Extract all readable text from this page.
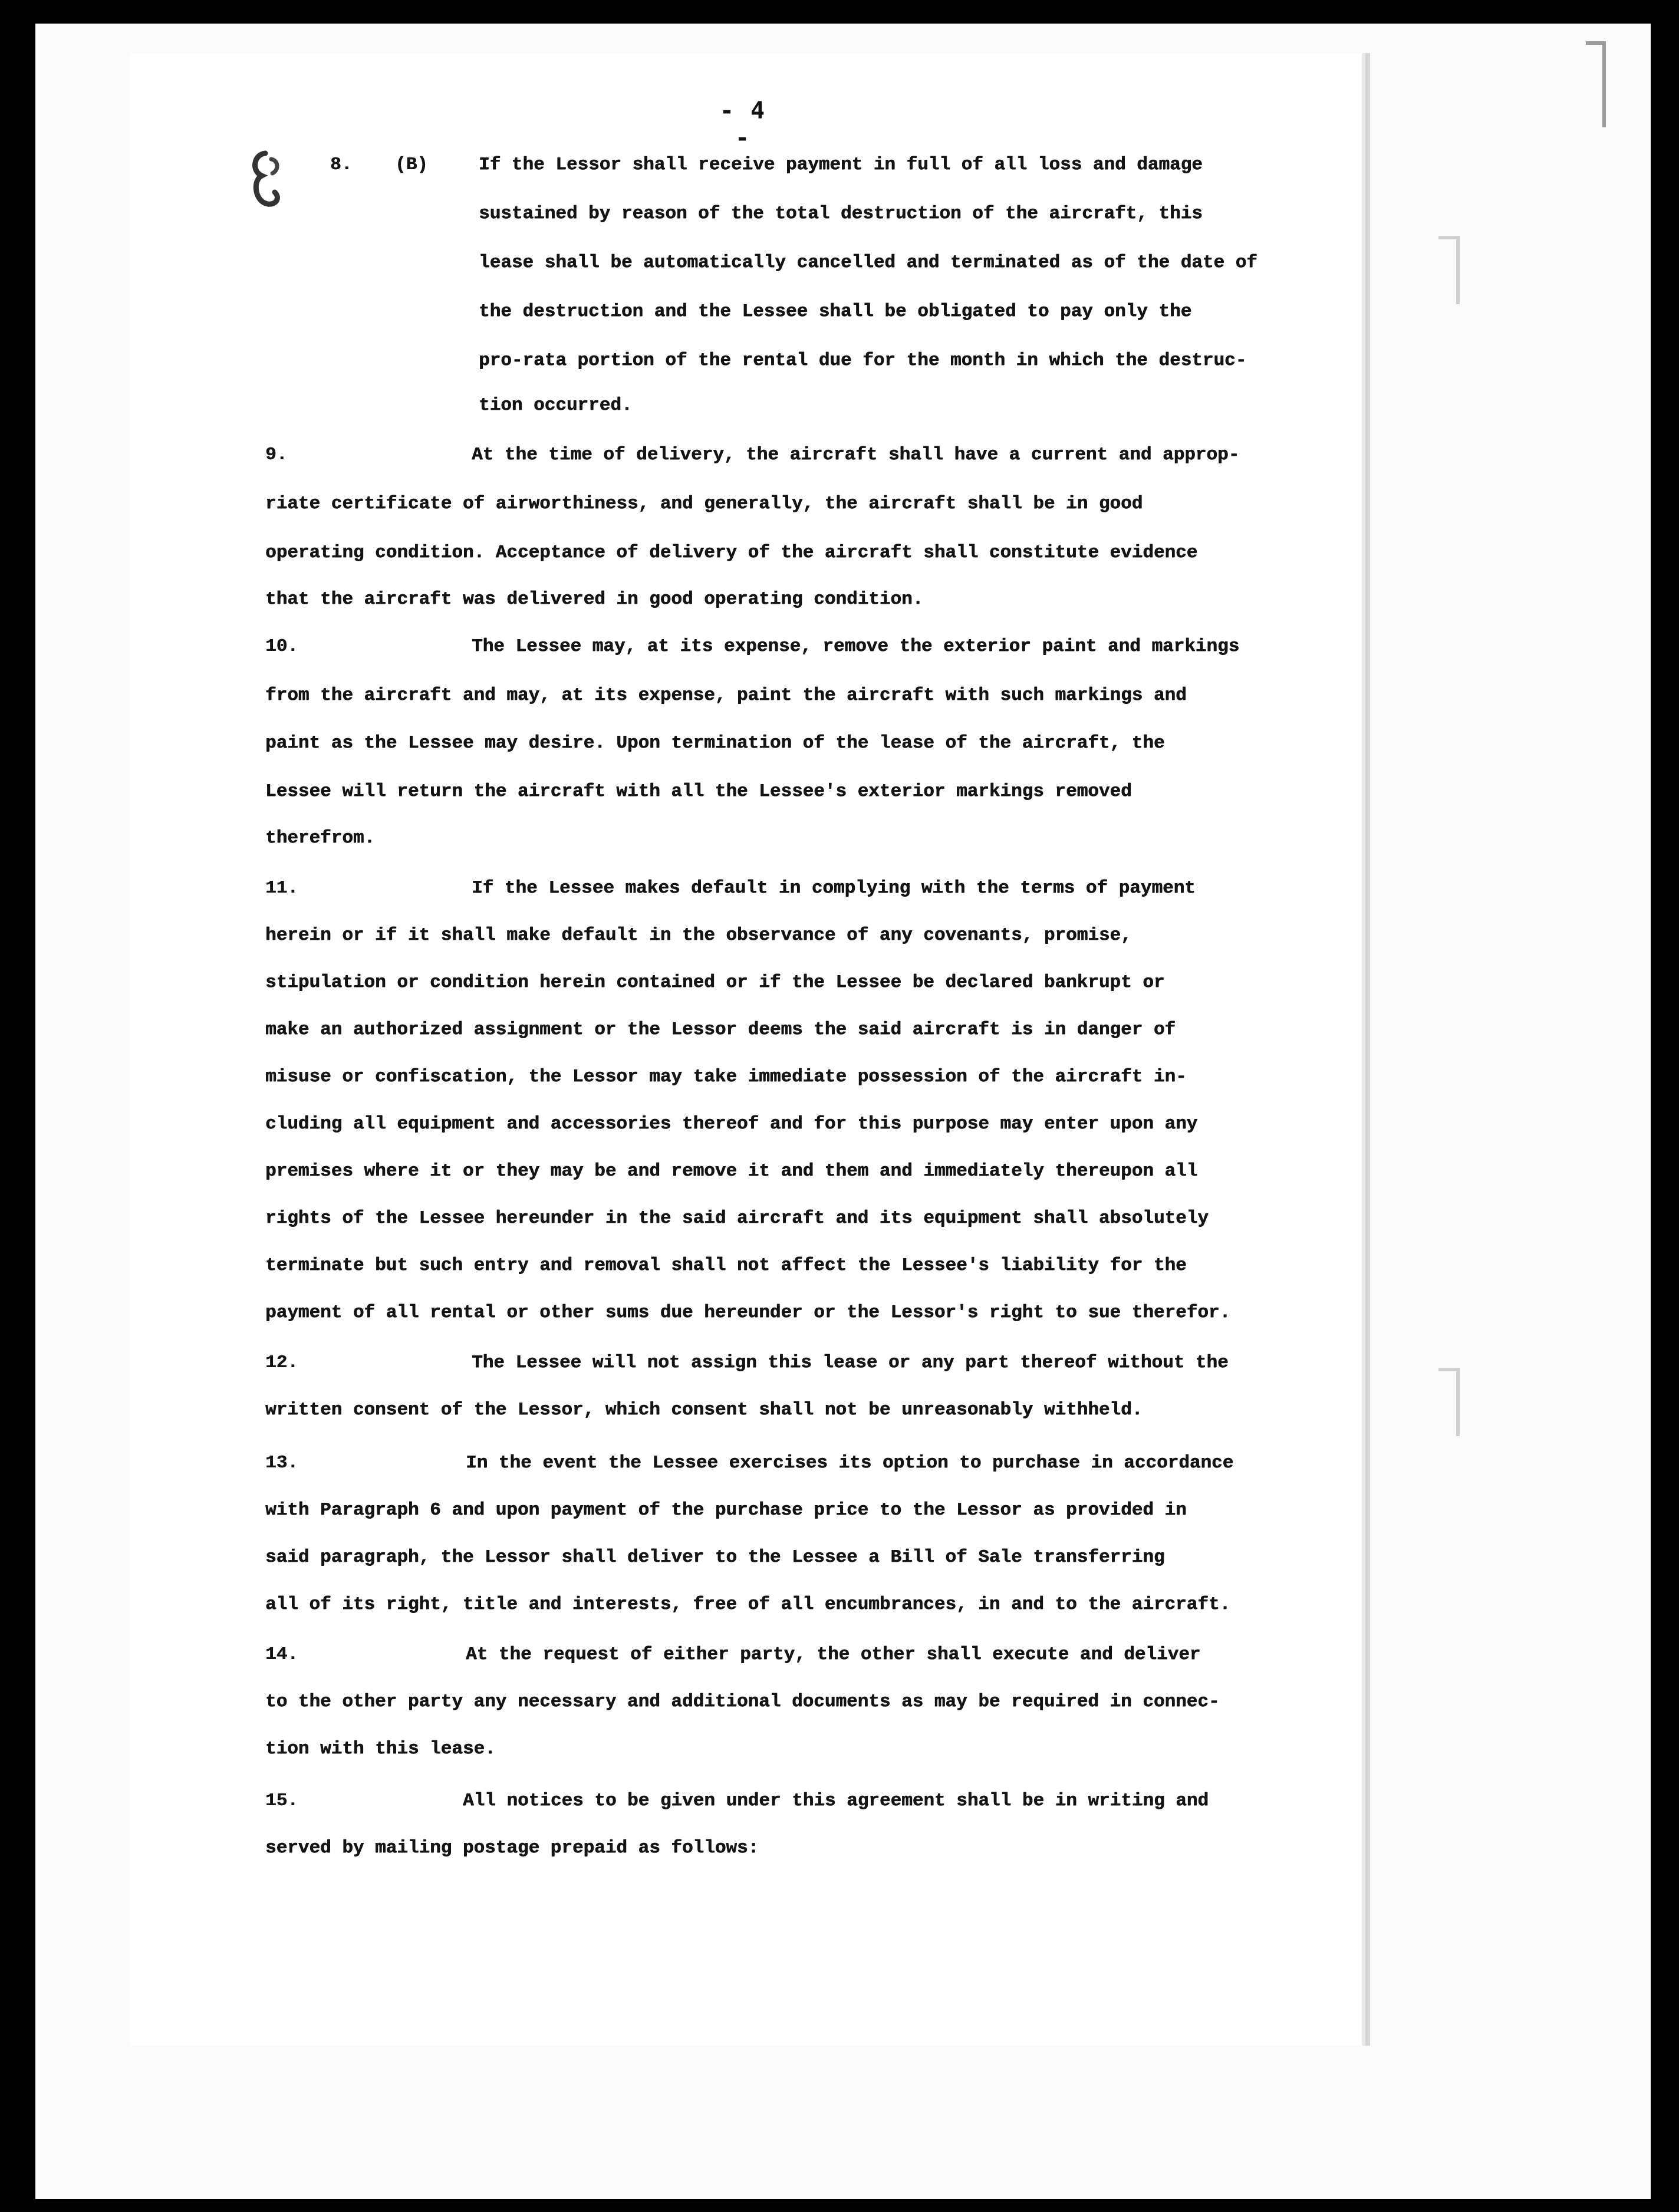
- 4 -
8. (B)	If the Lessor shall receive payment in full of all loss and damage
sustained by reason of the total destruction of the aircraft, this
lease shall be automatically cancelled and terminated as of the date of
the destruction and the Lessee shall be obligated to pay only the
pro-rata portion of the rental due for the month in which the destruc-
tion occurred.
9.	At the time of delivery, the aircraft shall have a current and approp-
riate certificate of airworthiness, and generally, the aircraft shall be in good
operating condition. Acceptance of delivery of the aircraft shall constitute evidence
that the aircraft was delivered in good operating condition.
10.	The Lessee may, at its expense, remove the exterior paint and markings
from the aircraft and may, at its expense, paint the aircraft with such markings and
paint as the Lessee may desire. Upon termination of the lease of the aircraft, the
Lessee will return the aircraft with all the Lessee's exterior markings removed
therefrom.
11.	If the Lessee makes default in complying with the terms of payment
herein or if it shall make default in the observance of any covenants, promise,
stipulation or condition herein contained or if the Lessee be declared bankrupt or
make an authorized assignment or the Lessor deems the said aircraft is in danger of
misuse or confiscation, the Lessor may take immediate possession of the aircraft in-
cluding all equipment and accessories thereof and for this purpose may enter upon any
premises where it or they may be and remove it and them and immediately thereupon all
rights of the Lessee hereunder in the said aircraft and its equipment shall absolutely
terminate but such entry and removal shall not affect the Lessee's liability for the
payment of all rental or other sums due hereunder or the Lessor's right to sue therefor.
12.	The Lessee will not assign this lease or any part thereof without the
written consent of the Lessor, which consent shall not be unreasonably withheld.
13.	In the event the Lessee exercises its option to purchase in accordance
with Paragraph 6 and upon payment of the purchase price to the Lessor as provided in
said paragraph, the Lessor shall deliver to the Lessee a Bill of Sale transferring
all of its right, title and interests, free of all encumbrances, in and to the aircraft.
14.	At the request of either party, the other shall execute and deliver
to the other party any necessary and additional documents as may be required in connec-
tion with this lease.
15.	All notices to be given under this agreement shall be in writing and
served by mailing postage prepaid as follows:
